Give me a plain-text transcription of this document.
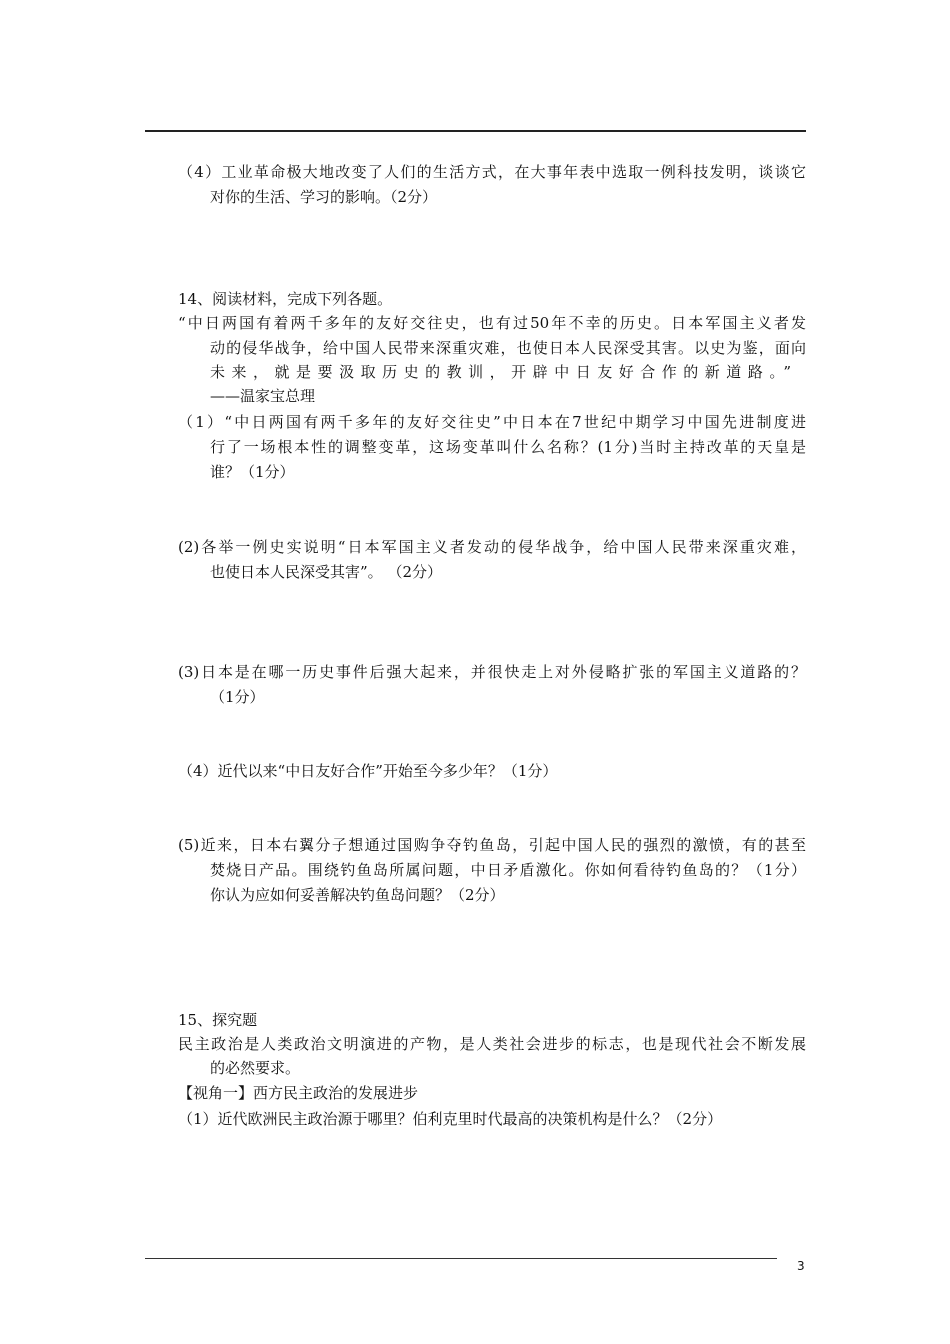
（4）工业革命极大地改变了人们的生活方式，在大事年表中选取一例科技发明，谈谈它
对你的生活、学习的影响。（2分）
14、阅读材料，完成下列各题。
“中日两国有着两千多年的友好交往史，也有过50年不幸的历史。日本军国主义者发
动的侵华战争，给中国人民带来深重灾难，也使日本人民深受其害。以史为鉴，面向
未来，就是要汲取历史的教训，开辟中日友好合作的新道路。”
——温家宝总理
（1）“中日两国有两千多年的友好交往史”中日本在7世纪中期学习中国先进制度进
行了一场根本性的调整变革，这场变革叫什么名称？(1分)当时主持改革的天皇是
谁？（1分）
(2)各举一例史实说明“日本军国主义者发动的侵华战争，给中国人民带来深重灾难，
也使日本人民深受其害”。 （2分）
(3)日本是在哪一历史事件后强大起来，并很快走上对外侵略扩张的军国主义道路的？
（1分）
（4）近代以来“中日友好合作”开始至今多少年？（1分）
(5)近来，日本右翼分子想通过国购争夺钓鱼岛，引起中国人民的强烈的激愤，有的甚至
焚烧日产品。围绕钓鱼岛所属问题，中日矛盾激化。你如何看待钓鱼岛的？（1分）
你认为应如何妥善解决钓鱼岛问题？（2分）
15、探究题
民主政治是人类政治文明演进的产物，是人类社会进步的标志，也是现代社会不断发展
的必然要求。
【视角一】西方民主政治的发展进步
（1）近代欧洲民主政治源于哪里？伯利克里时代最高的决策机构是什么？（2分）
3
